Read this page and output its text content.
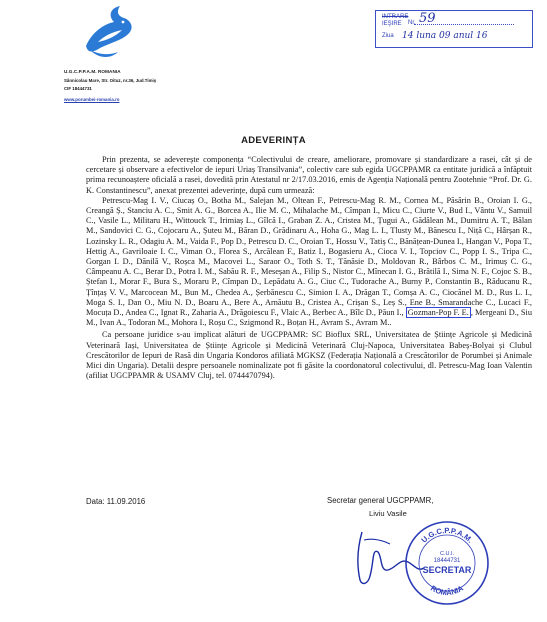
U.G.C.P.P.A.M. ROMANIA
Sânnicolau Mare, Str. Oituz, nr.36, Jud.Timiş
CIF 18444731
www.porumbei-romania.ro
INTRARE
IEŞIRE Nr. 59
Ziua 14 luna 09 anul 16
ADEVERINȚA

Prin prezenta, se adeverește componența “Colectivului de creare, ameliorare, promovare și standardizare a rasei, cât și de cercetare și observare a efectivelor de iepuri Uriaș Transilvania”, colectiv care sub egida UGCPPAMR ca entitate juridică a înfăptuit prima recunoaștere oficială a rasei, dovedită prin Atestatul nr 2/17.03.2016, emis de Agenția Națională pentru Zootehnie “Prof. Dr. G. K. Constantinescu”, anexat prezentei adeverințe, după cum urmează:

Petrescu-Mag I. V., Ciucaș O., Botha M., Salejan M., Oltean F., Petrescu-Mag R. M., Cornea M., Păsărin B., Oroian I. G., Creangă Ș., Stanciu A. C., Smit A. G., Borcea A., Ilie M. C., Mihalache M., Cîmpan I., Micu C., Ciurte V., Bud I., Vântu V., Samuil C., Vasile L., Militaru H., Wittouck T., Irimiaș L., Gîlcă I., Graban Z. A., Cristea M., Țugui A., Gădălean M., Dumitru A. T., Bălan M., Sandovici C. G., Cojocaru A., Șuteu M., Băran D., Grădinaru A., Hoha G., Mag L. I., Tlusty M., Bănescu I., Niță C., Hârșan R., Lozinsky L. R., Odagiu A. M., Vaida F., Pop D., Petrescu D. C., Oroian T., Hossu V., Tatiș C., Bănățean-Dunea I., Hangan V., Popa T., Hettig A., Gavriloaie I. C., Viman O., Florea S., Arcălean F., Batiz I., Bogasieru A., Cioca V. I., Topciov C., Popp I. S., Tripa C., Gorgan I. D., Dănilă V., Roșca M., Macovei L., Saraor O., Toth S. T., Tănăsie D., Moldovan R., Bârbos C. M., Irimuș C. G., Câmpeanu A. C., Berar D., Potra I. M., Sabău R. F., Meseșan A., Filip S., Nistor C., Mînecan I. G., Brătilă I., Sima N. F., Cojoc S. B., Ștefan I., Morar F., Bura S., Moraru P., Cîmpan D., Lepădatu A. G., Ciuc C., Tudorache A., Burny P., Constantin B., Răducanu R., Țînțaș V. V., Marcocean M., Bun M., Chedea A., Șerbănescu C., Simion I. A., Drăgan T., Comșa A. C., Ciocănel M. D., Rus L. I., Moga S. I., Dan O., Miu N. D., Boaru A., Bere A., Arnăutu B., Cristea A., Crișan S., Leș S., Ene B., Smarandache C., Lucaci F., Mocuța D., Andea C., Ignat R., Zaharia A., Drăgoiescu F., Vlaic A., Berbec A., Bîlc D., Păun I., Gozman-Pop F. E. , Mergeani D., Siu M., Ivan A., Todoran M., Mohora I., Roșu C., Szigmond R., Boțan H., Avram S., Avram M..

Ca persoane juridice s-au implicat alături de UGCPPAMR: SC Bioflux SRL, Universitatea de Științe Agricole și Medicină Veterinară Iași, Universitatea de Științe Agricole și Medicină Veterinară Cluj-Napoca, Universitatea Babeș-Bolyai și Clubul Crescătorilor de Iepuri de Rasă din Ungaria Kondoros afiliată MGKSZ (Federația Națională a Crescătorilor de Porumbei și Animale Mici din Ungaria). Detalii despre persoanele nominalizate pot fi găsite la coordonatorul colectivului, dl. Petrescu-Mag Ioan Valentin (afiliat UGCPPAMR & USAMV Cluj, tel. 0744470794).

Data: 11.09.2016	Secretar general UGCPPAMR,
Liviu Vasile
U.G.C.P.P.A.M.
C.U.I.
18444731
SECRETAR
ROMÂNIA
